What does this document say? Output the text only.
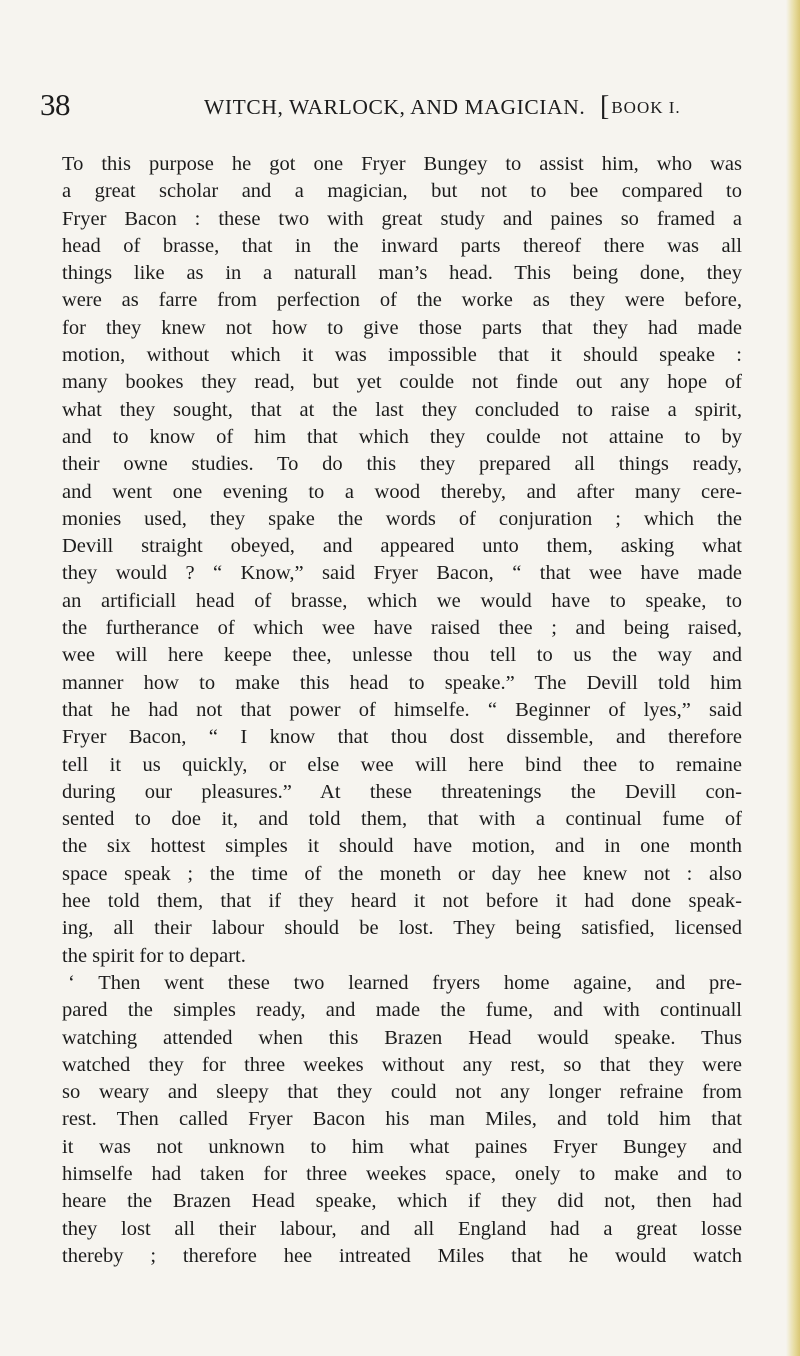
38	WITCH, WARLOCK, AND MAGICIAN. [ BOOK I.
To this purpose he got one Fryer Bungey to assist him, who was
a great scholar and a magician, but not to bee compared to
Fryer Bacon : these two with great study and paines so framed a
head of brasse, that in the inward parts thereof there was all
things like as in a naturall man’s head. This being done, they
were as farre from perfection of the worke as they were before,
for they knew not how to give those parts that they had made
motion, without which it was impossible that it should speake :
many bookes they read, but yet coulde not finde out any hope of
what they sought, that at the last they concluded to raise a spirit,
and to know of him that which they coulde not attaine to by
their owne studies. To do this they prepared all things ready,
and went one evening to a wood thereby, and after many cere-
monies used, they spake the words of conjuration ; which the
Devill straight obeyed, and appeared unto them, asking what
they would ? “ Know,” said Fryer Bacon, “ that wee have made
an artificiall head of brasse, which we would have to speake, to
the furtherance of which wee have raised thee ; and being raised,
wee will here keepe thee, unlesse thou tell to us the way and
manner how to make this head to speake.” The Devill told him
that he had not that power of himselfe. “ Beginner of lyes,” said
Fryer Bacon, “ I know that thou dost dissemble, and therefore
tell it us quickly, or else wee will here bind thee to remaine
during our pleasures.” At these threatenings the Devill con-
sented to doe it, and told them, that with a continual fume of
the six hottest simples it should have motion, and in one month
space speak ; the time of the moneth or day hee knew not : also
hee told them, that if they heard it not before it had done speak-
ing, all their labour should be lost. They being satisfied, licensed
the spirit for to depart.
‘ Then went these two learned fryers home againe, and pre-
pared the simples ready, and made the fume, and with continuall
watching attended when this Brazen Head would speake. Thus
watched they for three weekes without any rest, so that they were
so weary and sleepy that they could not any longer refraine from
rest. Then called Fryer Bacon his man Miles, and told him that
it was not unknown to him what paines Fryer Bungey and
himselfe had taken for three weekes space, onely to make and to
heare the Brazen Head speake, which if they did not, then had
they lost all their labour, and all England had a great losse
thereby ; therefore hee intreated Miles that he would watch
